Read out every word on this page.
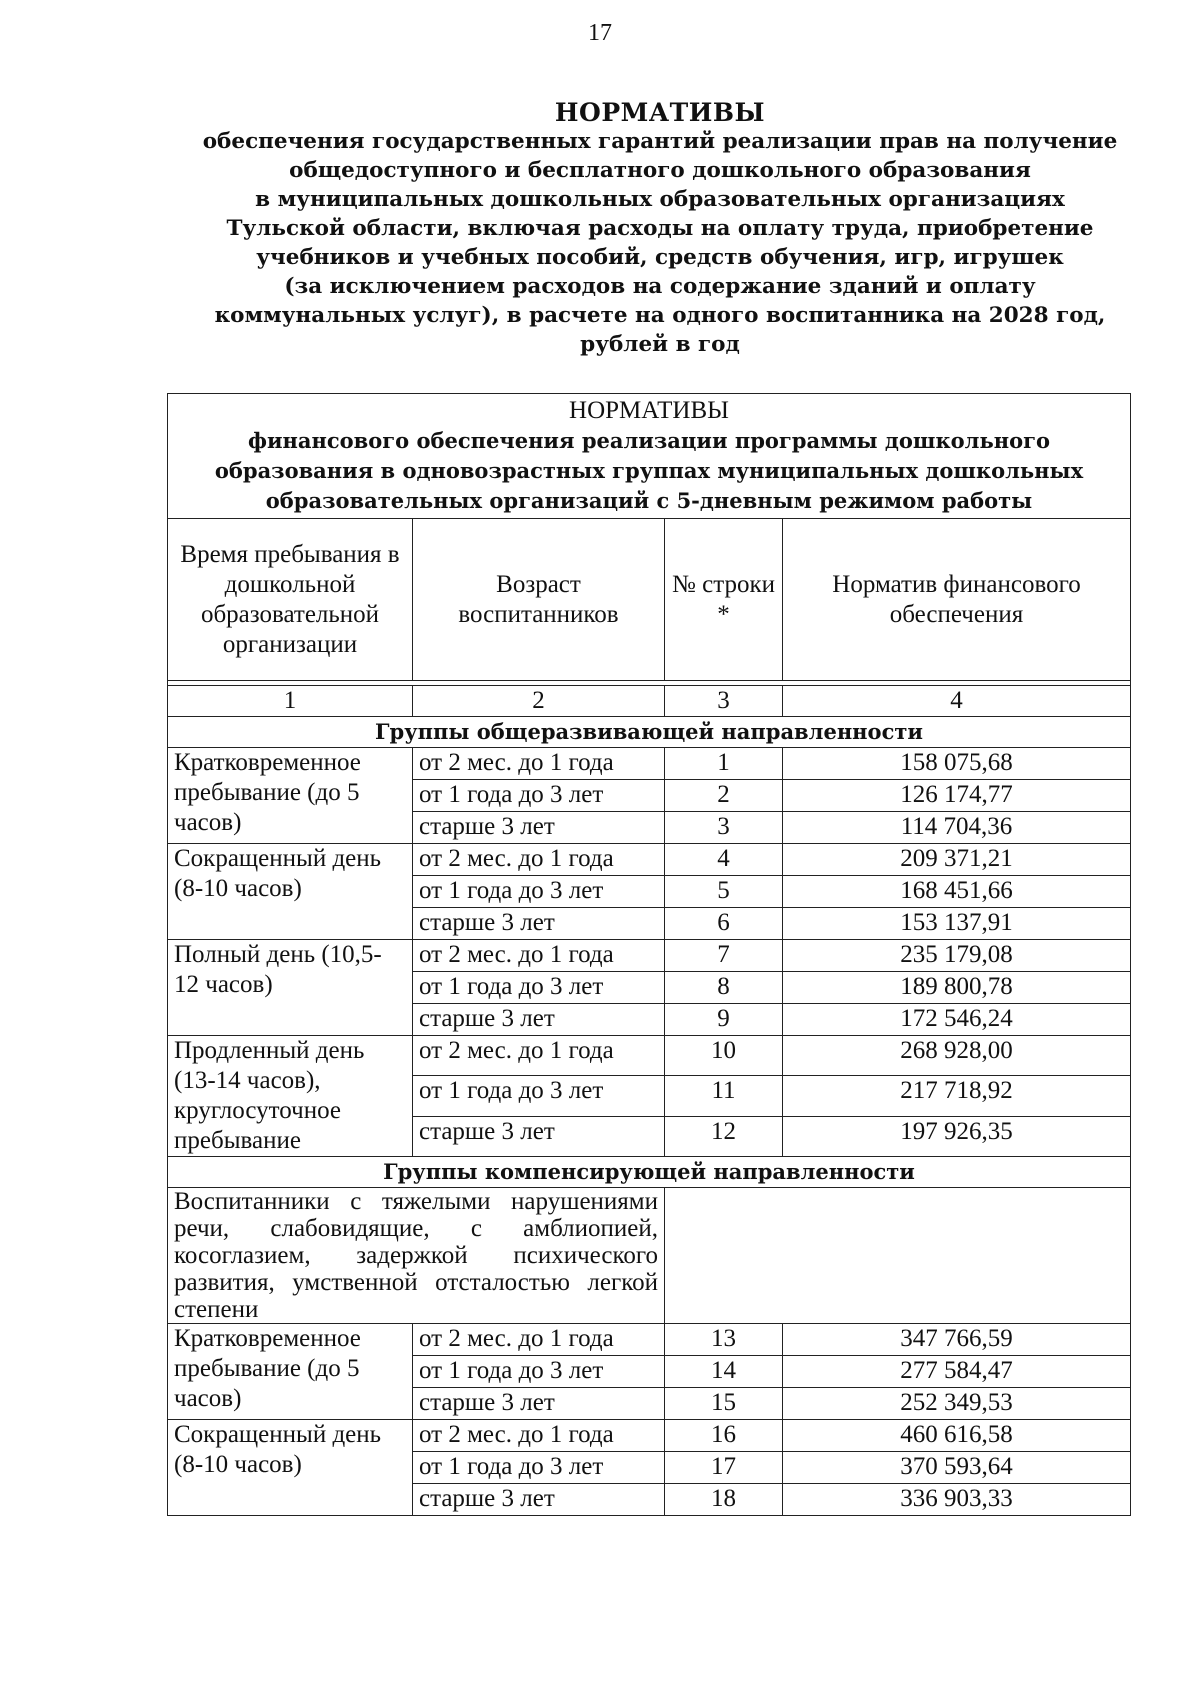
17
НОРМАТИВЫ
обеспечения государственных гарантий реализации прав на получение
общедоступного и бесплатного дошкольного образования
в муниципальных дошкольных образовательных организациях
Тульской области, включая расходы на оплату труда, приобретение
учебников и учебных пособий, средств обучения, игр, игрушек
(за исключением расходов на содержание зданий и оплату
коммунальных услуг), в расчете на одного воспитанника на 2028 год,
рублей в год
НОРМАТИВЫ
финансового обеспечения реализации программы дошкольного
образования в одновозрастных группах муниципальных дошкольных
образовательных организаций с 5-дневным режимом работы			

Время пребывания в дошкольной образовательной организации	Возраст воспитанников	№ строки *	Норматив финансового обеспечения

1	2	3	4
Группы общеразвивающей направленности			
Кратковременное пребывание (до 5 часов)	от 2 мес. до 1 года	1	158 075,68
	от 1 года до 3 лет	2	126 174,77
	старше 3 лет	3	114 704,36
Сокращенный день (8-10 часов)	от 2 мес. до 1 года	4	209 371,21
	от 1 года до 3 лет	5	168 451,66
	старше 3 лет	6	153 137,91
Полный день (10,5-12 часов)	от 2 мес. до 1 года	7	235 179,08
	от 1 года до 3 лет	8	189 800,78
	старше 3 лет	9	172 546,24
Продленный день (13-14 часов), круглосуточное пребывание	от 2 мес. до 1 года	10	268 928,00
	от 1 года до 3 лет	11	217 718,92
	старше 3 лет	12	197 926,35
Группы компенсирующей направленности			
Воспитанники с тяжелыми нарушениями речи, слабовидящие, с амблиопией, косоглазием, задержкой психического развития, умственной отсталостью легкой степени			
Кратковременное пребывание (до 5 часов)	от 2 мес. до 1 года	13	347 766,59
	от 1 года до 3 лет	14	277 584,47
	старше 3 лет	15	252 349,53
Сокращенный день (8-10 часов)	от 2 мес. до 1 года	16	460 616,58
	от 1 года до 3 лет	17	370 593,64
	старше 3 лет	18	336 903,33
